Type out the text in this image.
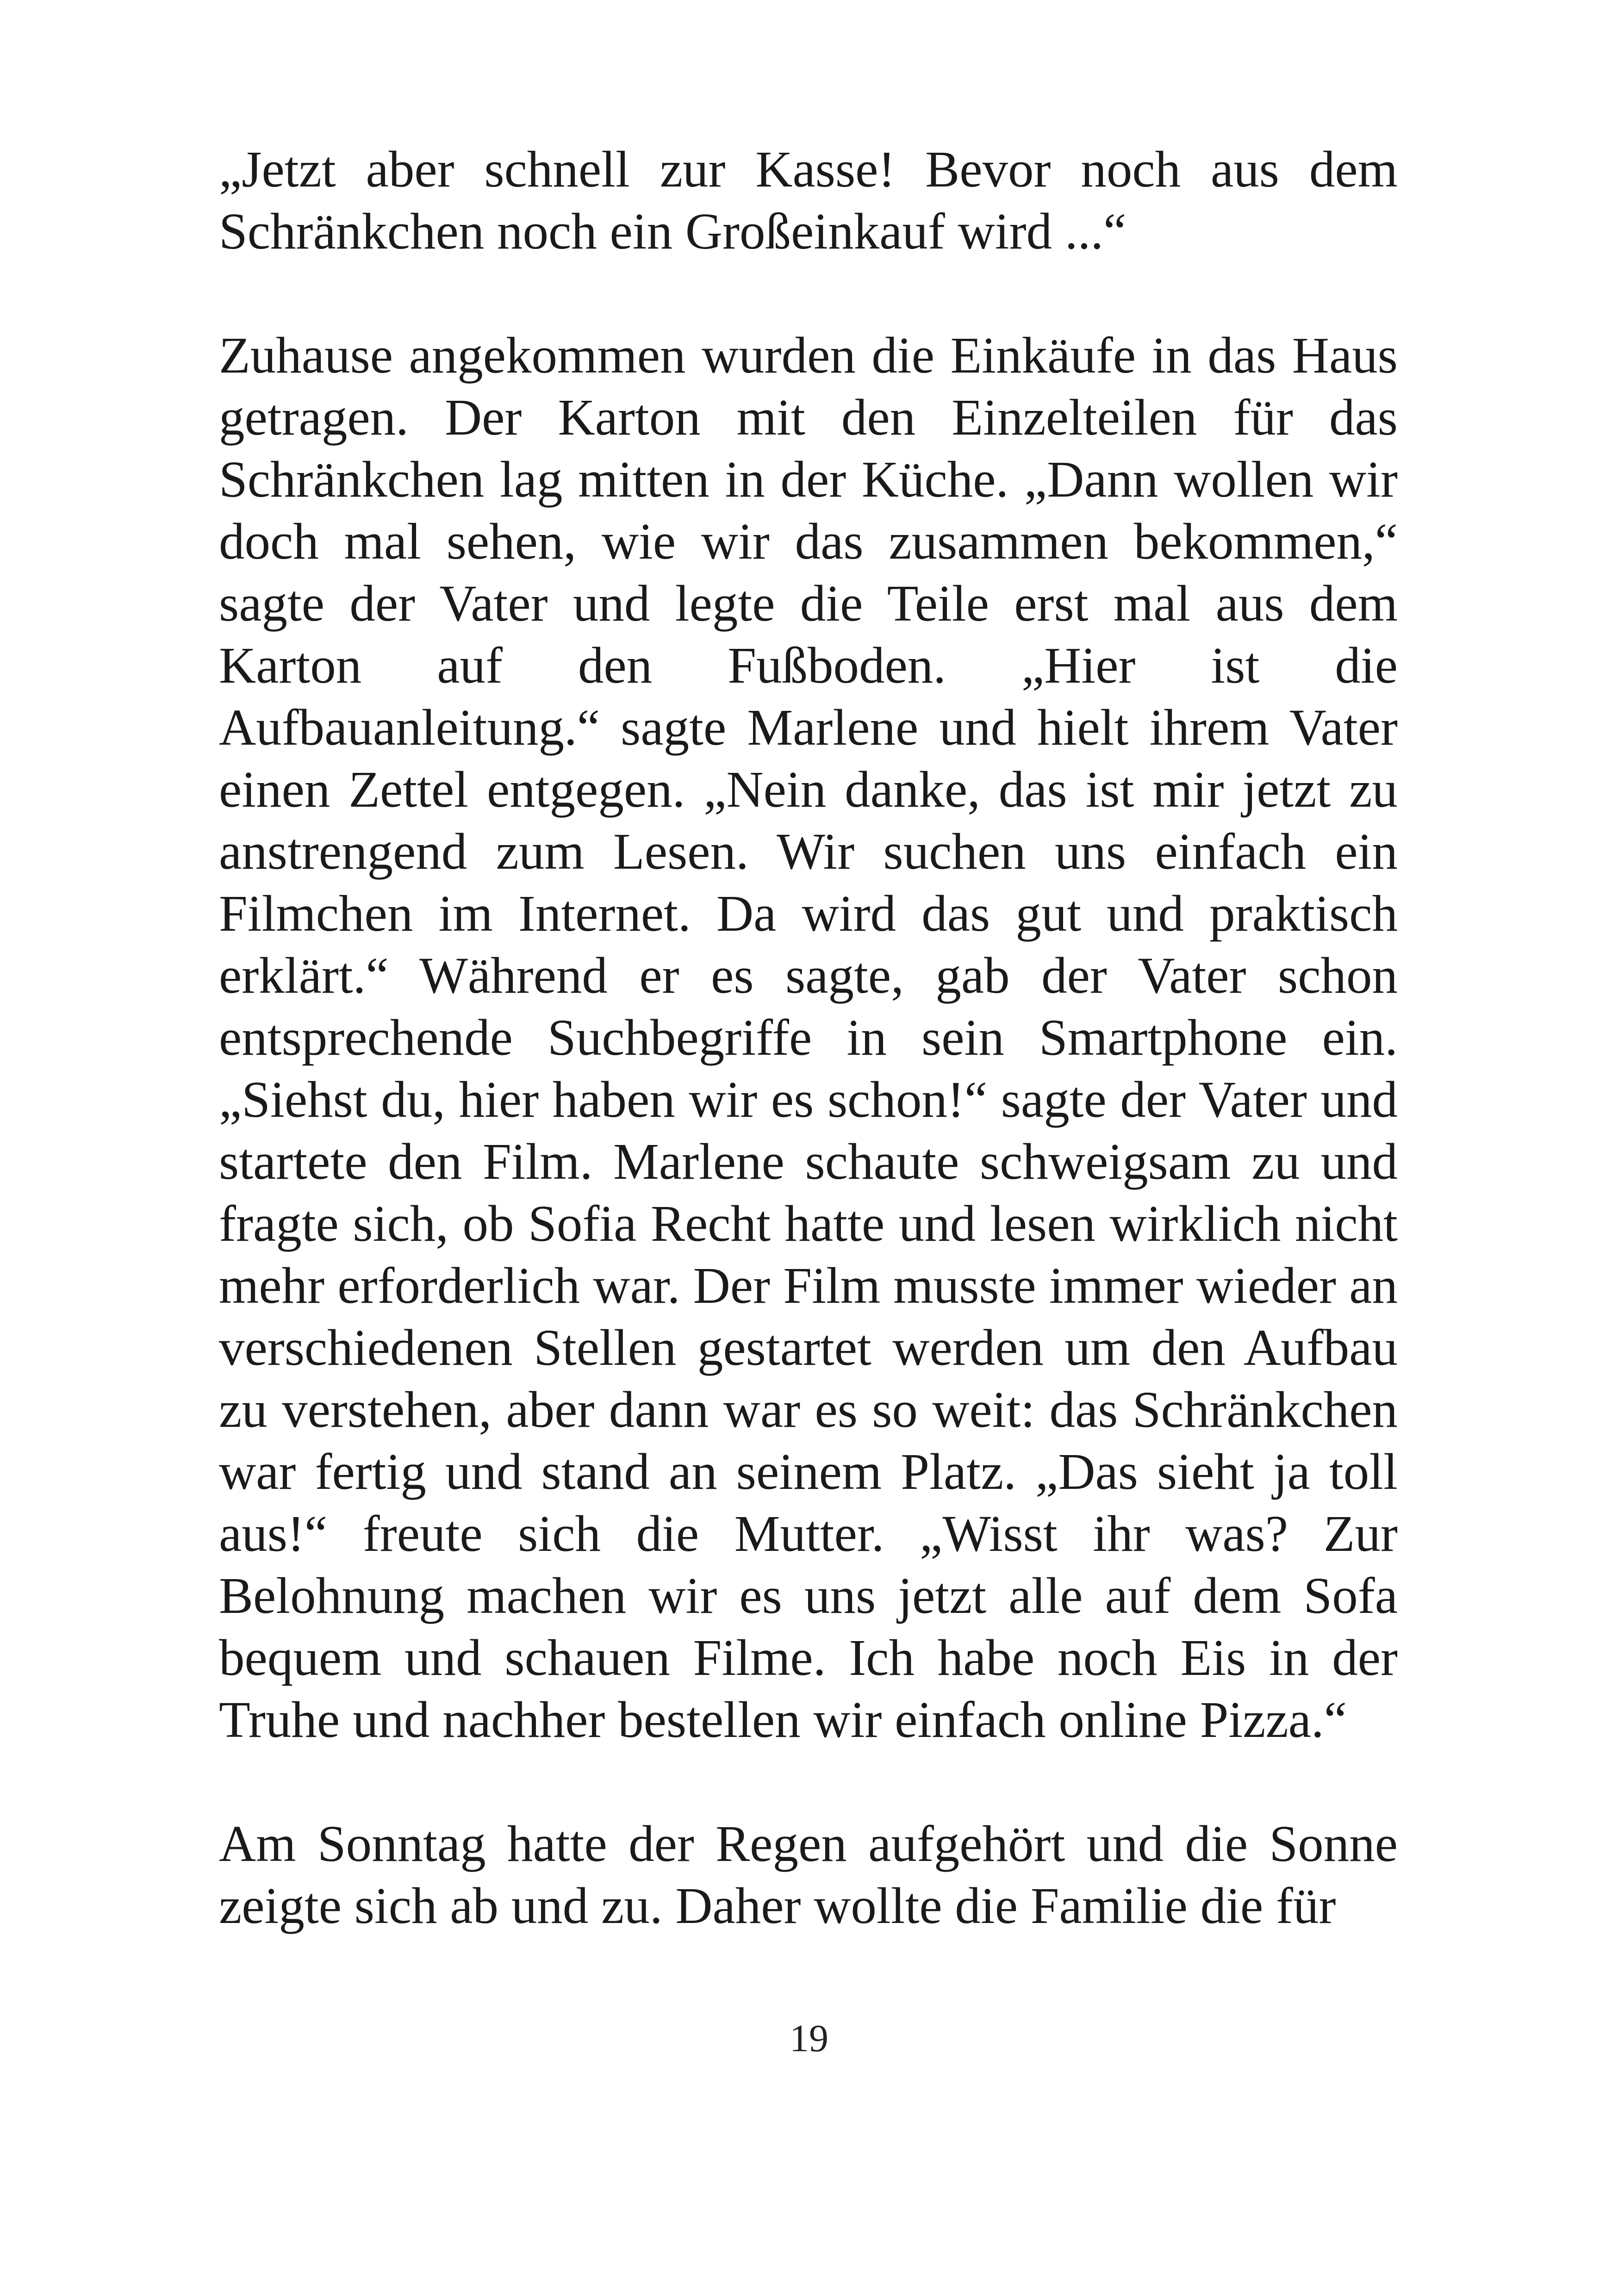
„Jetzt aber schnell zur Kasse! Bevor noch aus dem Schränkchen noch ein Großeinkauf wird ...“

Zuhause angekommen wurden die Einkäufe in das Haus getragen. Der Karton mit den Einzelteilen für das Schränkchen lag mitten in der Küche. „Dann wollen wir doch mal sehen, wie wir das zusammen bekommen,“ sagte der Vater und legte die Teile erst mal aus dem Karton auf den Fußboden. „Hier ist die Aufbauanleitung.“ sagte Marlene und hielt ihrem Vater einen Zettel entgegen. „Nein danke, das ist mir jetzt zu anstrengend zum Lesen. Wir suchen uns einfach ein Filmchen im Internet. Da wird das gut und praktisch erklärt.“ Während er es sagte, gab der Vater schon entsprechende Suchbegriffe in sein Smartphone ein. „Siehst du, hier haben wir es schon!“ sagte der Vater und startete den Film. Marlene schaute schweigsam zu und fragte sich, ob Sofia Recht hatte und lesen wirklich nicht mehr erforderlich war. Der Film musste immer wieder an verschiedenen Stellen gestartet werden um den Aufbau zu verstehen, aber dann war es so weit: das Schränkchen war fertig und stand an seinem Platz. „Das sieht ja toll aus!“ freute sich die Mutter. „Wisst ihr was? Zur Belohnung machen wir es uns jetzt alle auf dem Sofa bequem und schauen Filme. Ich habe noch Eis in der Truhe und nachher bestellen wir einfach online Pizza.“

Am Sonntag hatte der Regen aufgehört und die Sonne zeigte sich ab und zu. Daher wollte die Familie die für

19
